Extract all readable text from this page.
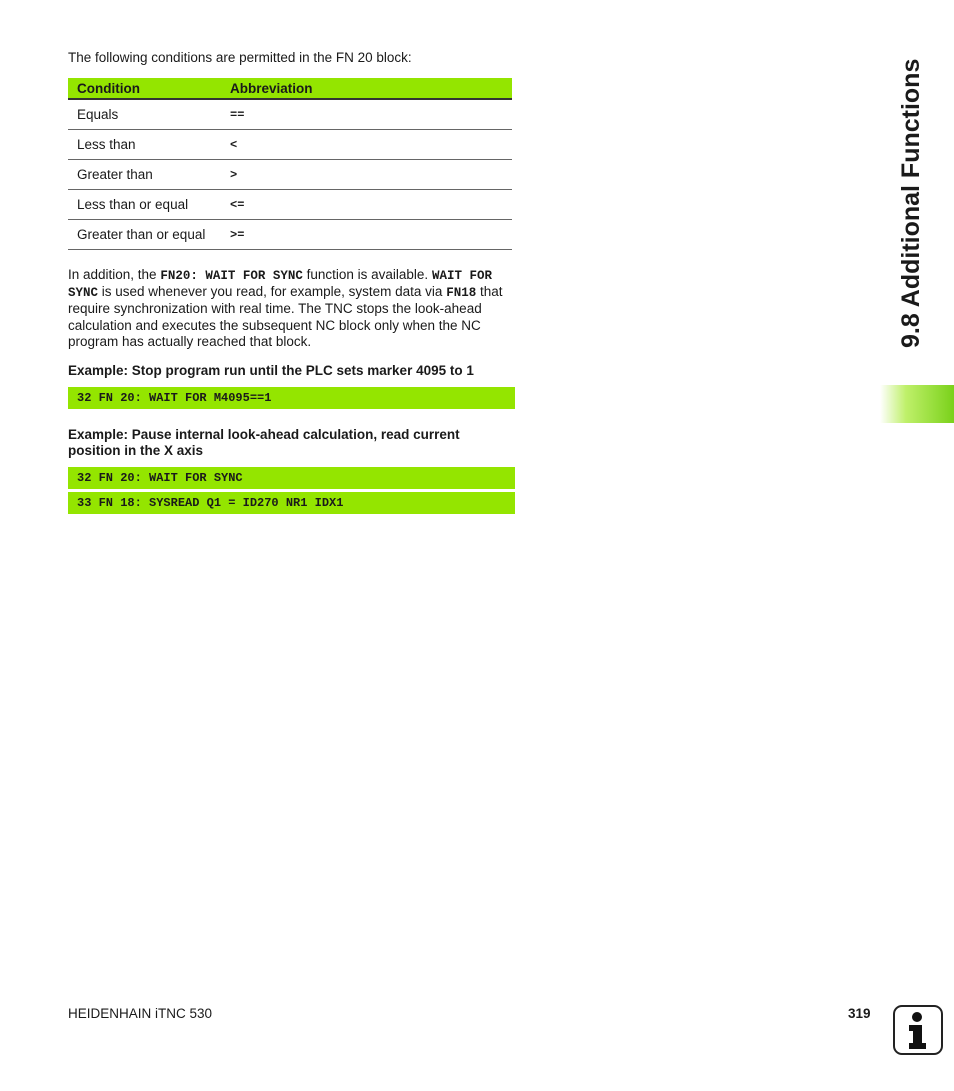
The following conditions are permitted in the FN 20 block:
Condition	Abbreviation
Equals	==
Less than	<
Greater than	>
Less than or equal	<=
Greater than or equal	>=
In addition, the FN20: WAIT FOR SYNC function is available. WAIT FOR SYNC is used whenever you read, for example, system data via FN18 that require synchronization with real time. The TNC stops the look-ahead calculation and executes the subsequent NC block only when the NC program has actually reached that block.
Example: Stop program run until the PLC sets marker 4095 to 1
32 FN 20: WAIT FOR M4095==1
Example: Pause internal look-ahead calculation, read current position in the X axis
32 FN 20: WAIT FOR SYNC
33 FN 18: SYSREAD Q1 = ID270 NR1 IDX1
9.8 Additional Functions
HEIDENHAIN iTNC 530	319
